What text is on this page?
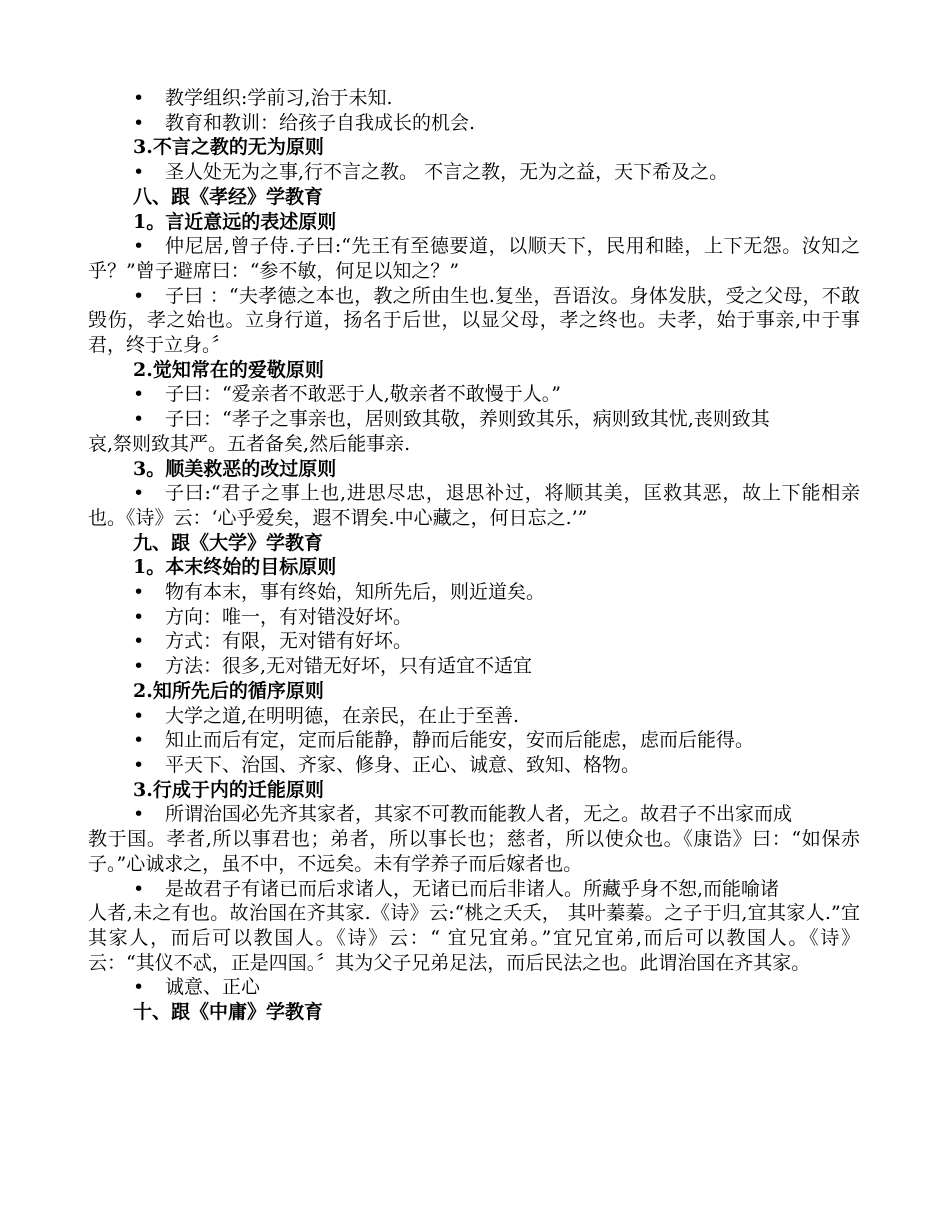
• 教学组织:学前习,治于未知.
• 教育和教训：给孩子自我成长的机会.
3.不言之教的无为原则
• 圣人处无为之事,行不言之教。 不言之教，无为之益，天下希及之。
八、跟《孝经》学教育
1。言近意远的表述原则
• 仲尼居,曾子侍.子曰:“先王有至德要道，以顺天下，民用和睦，上下无怨。汝知之乎？”曾子避席曰：“参不敏，何足以知之？”
• 子曰 ：“夫孝德之本也，教之所由生也.复坐，吾语汝。身体发肤，受之父母，不敢毁伤，孝之始也。立身行道，扬名于后世，以显父母，孝之终也。夫孝，始于事亲,中于事君，终于立身。〞
2.觉知常在的爱敬原则
• 子曰：“爱亲者不敢恶于人,敬亲者不敢慢于人。”
• 子曰：“孝子之事亲也，居则致其敬，养则致其乐，病则致其忧,丧则致其
哀,祭则致其严。五者备矣,然后能事亲.
3。顺美救恶的改过原则
• 子曰:“君子之事上也,进思尽忠，退思补过，将顺其美，匡救其恶，故上下能相亲也。《诗》云：‘心乎爱矣，遐不谓矣.中心藏之，何日忘之.’”
九、跟《大学》学教育
1。本末终始的目标原则
• 物有本末，事有终始，知所先后，则近道矣。
• 方向：唯一，有对错没好坏。
• 方式：有限，无对错有好坏。
• 方法：很多,无对错无好坏，只有适宜不适宜
2.知所先后的循序原则
• 大学之道,在明明德，在亲民，在止于至善.
• 知止而后有定，定而后能静，静而后能安，安而后能虑，虑而后能得。
• 平天下、治国、齐家、修身、正心、诚意、致知、格物。
3.行成于内的迁能原则
• 所谓治国必先齐其家者，其家不可教而能教人者，无之。故君子不出家而成
教于国。孝者,所以事君也；弟者，所以事长也；慈者，所以使众也。《康诰》曰：“如保赤子。”心诚求之，虽不中，不远矣。未有学养子而后嫁者也。
• 是故君子有诸已而后求诸人，无诸已而后非诸人。所藏乎身不恕,而能喻诸
人者,未之有也。故治国在齐其家.《诗》云:“桃之夭夭， 其叶蓁蓁。之子于归,宜其家人.”宜其家人，而后可以教国人。《诗》云：“ 宜兄宜弟。”宜兄宜弟,而后可以教国人。《诗》云：“其仪不忒，正是四国。〞其为父子兄弟足法，而后民法之也。此谓治国在齐其家。
• 诚意、正心
十、跟《中庸》学教育
